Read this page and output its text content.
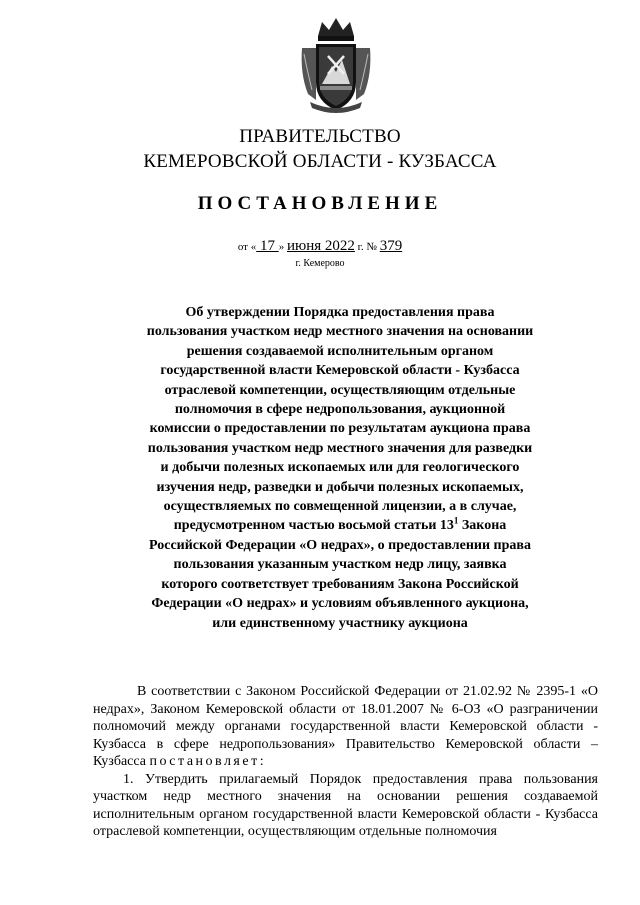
ПРАВИТЕЛЬСТВО
КЕМЕРОВСКОЙ ОБЛАСТИ - КУЗБАССА
ПОСТАНОВЛЕНИЕ
от « 17 » июня 2022 г. № 379
г. Кемерово
Об утверждении Порядка предоставления права пользования участком недр местного значения на основании решения создаваемой исполнительным органом государственной власти Кемеровской области - Кузбасса отраслевой компетенции, осуществляющим отдельные полномочия в сфере недропользования, аукционной комиссии о предоставлении по результатам аукциона права пользования участком недр местного значения для разведки и добычи полезных ископаемых или для геологического изучения недр, разведки и добычи полезных ископаемых, осуществляемых по совмещенной лицензии, а в случае, предусмотренном частью восьмой статьи $13^1$ Закона Российской Федерации «О недрах», о предоставлении права пользования указанным участком недр лицу, заявка которого соответствует требованиям Закона Российской Федерации «О недрах» и условиям объявленного аукциона, или единственному участнику аукциона

В соответствии с Законом Российской Федерации от 21.02.92 № 2395-1 «О недрах», Законом Кемеровской области от 18.01.2007 № 6-ОЗ «О разграничении полномочий между органами государственной власти Кемеровской области - Кузбасса в сфере недропользования» Правительство Кемеровской области – Кузбасса постановляет:

1. Утвердить прилагаемый Порядок предоставления права пользования участком недр местного значения на основании решения создаваемой исполнительным органом государственной власти Кемеровской области - Кузбасса отраслевой компетенции, осуществляющим отдельные полномочия
